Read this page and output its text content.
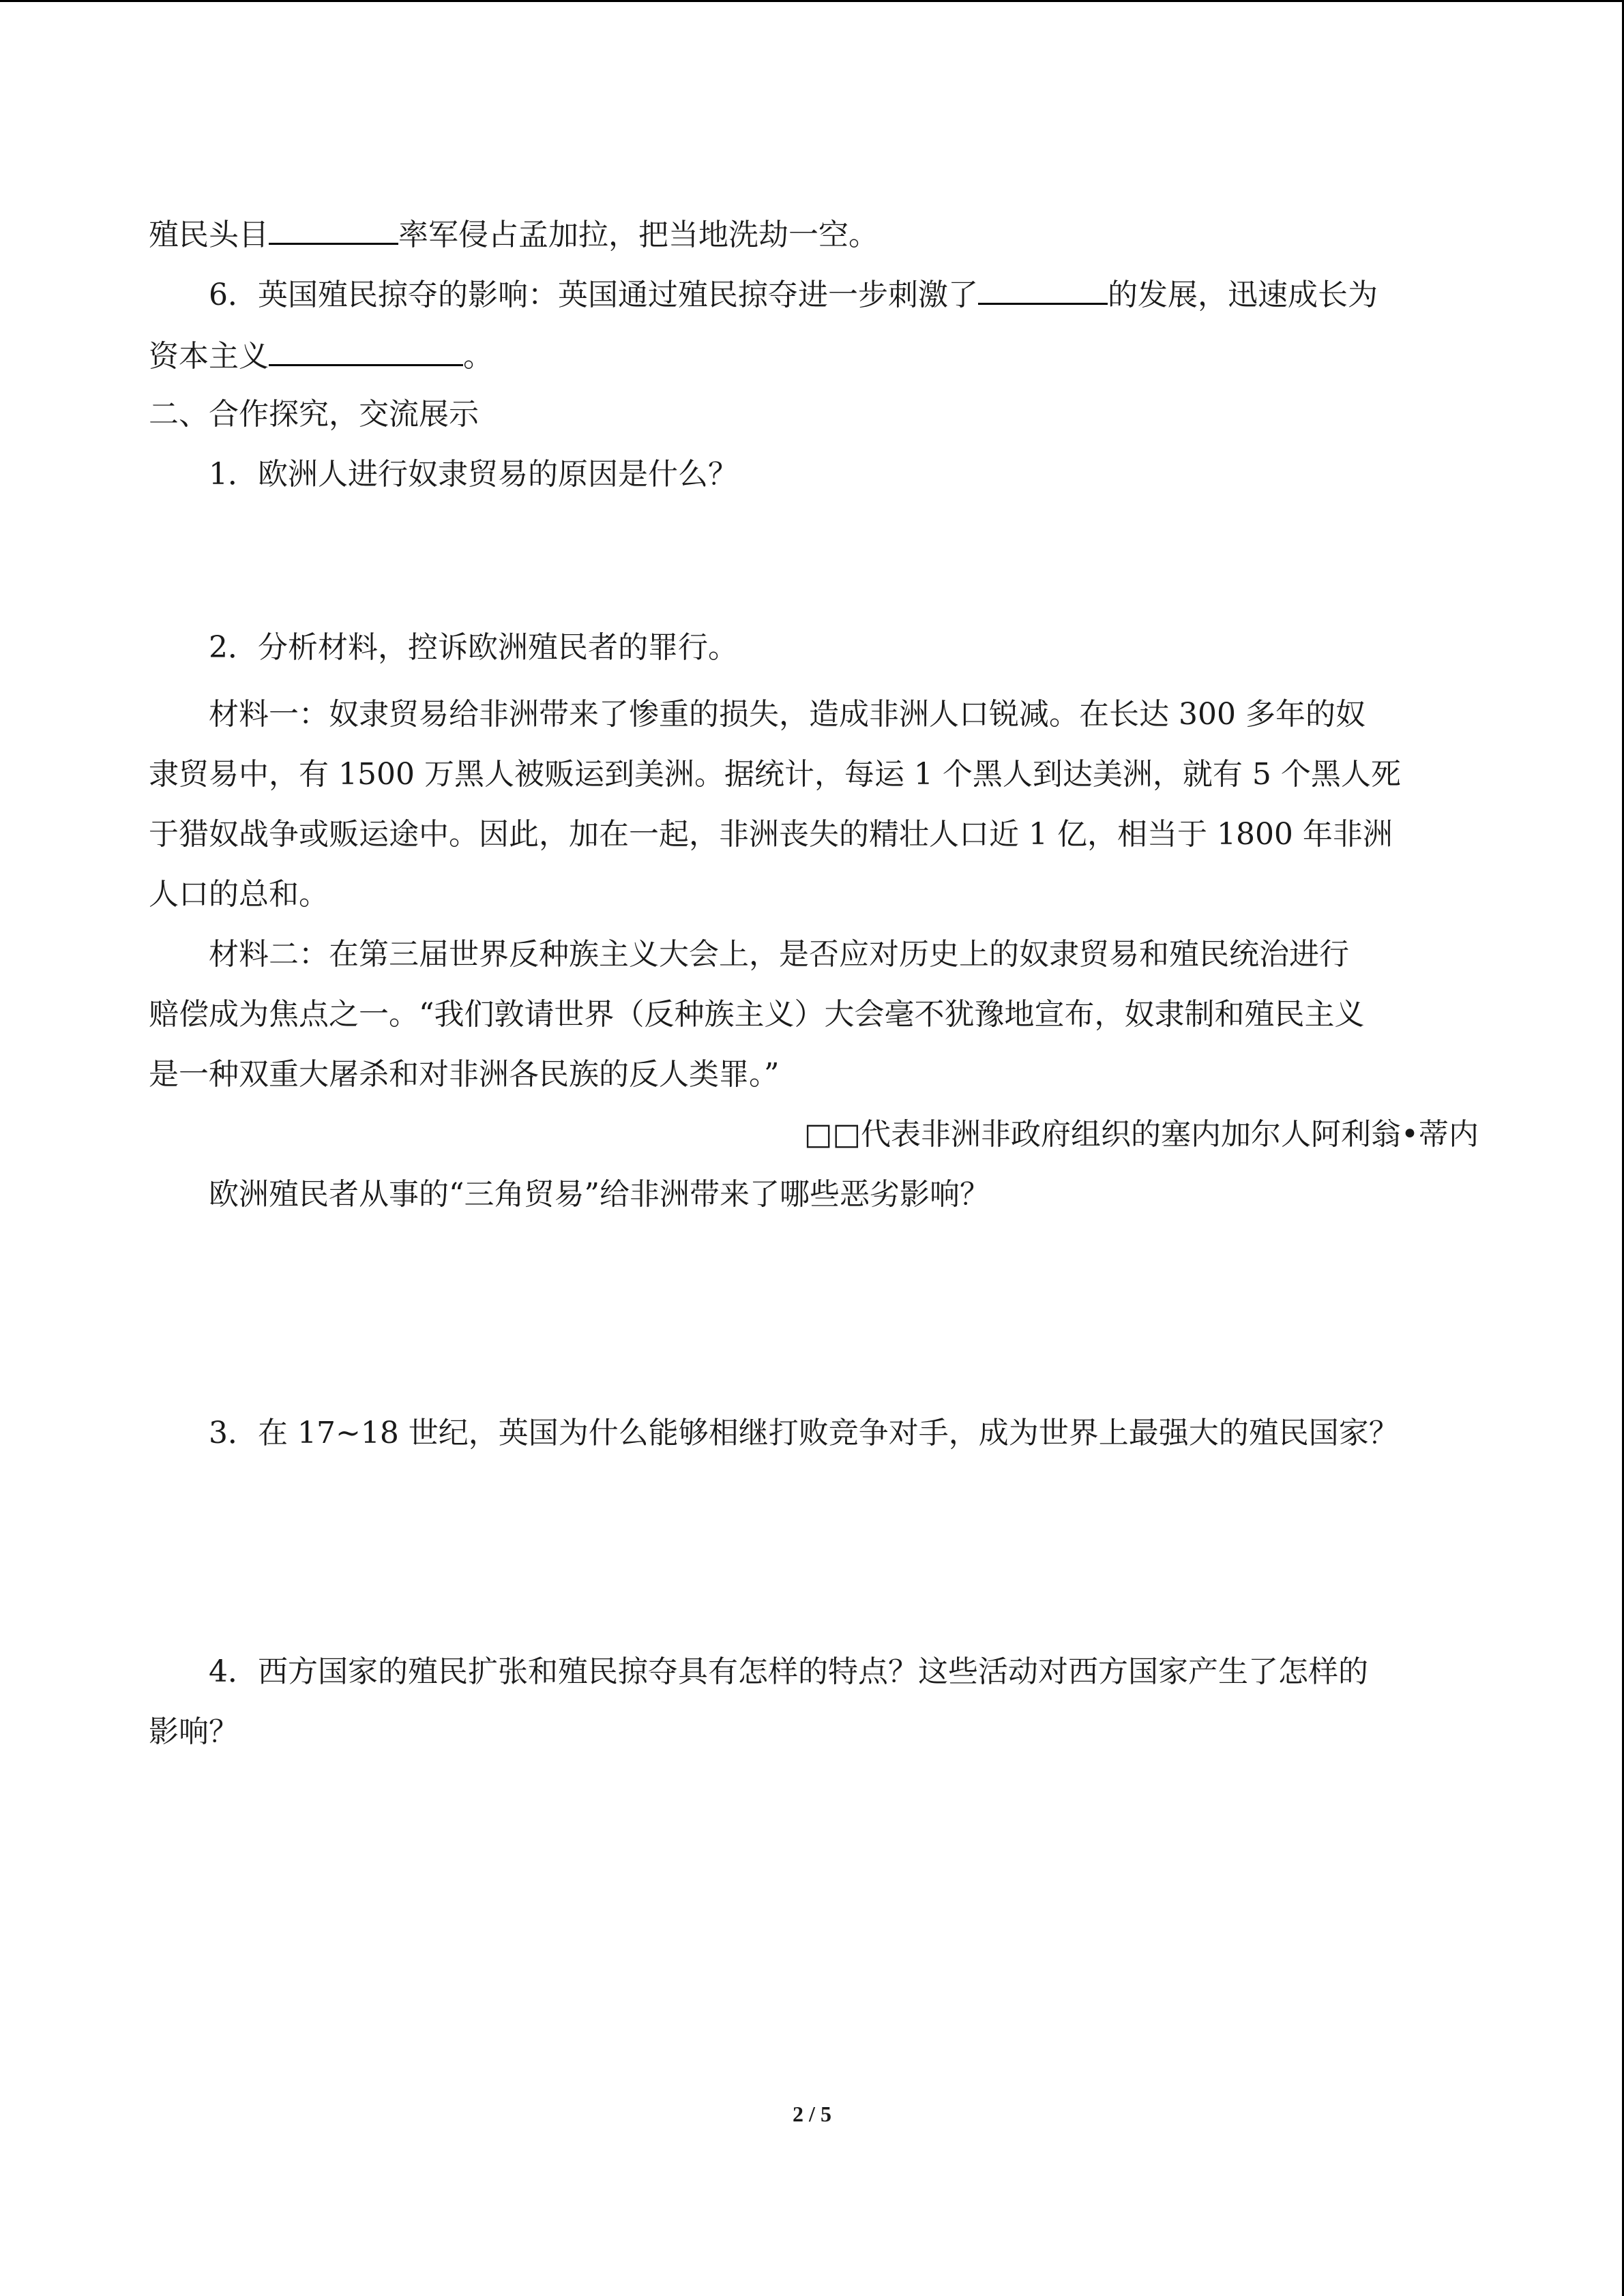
殖民头目	率军侵占孟加拉，把当地洗劫一空。
6．英国殖民掠夺的影响：英国通过殖民掠夺进一步刺激了	的发展，迅速成长为
资本主义	。
二、合作探究，交流展示
1．欧洲人进行奴隶贸易的原因是什么？
2．分析材料，控诉欧洲殖民者的罪行。
材料一：奴隶贸易给非洲带来了惨重的损失，造成非洲人口锐减。在长达 300 多年的奴
隶贸易中，有 1500 万黑人被贩运到美洲。据统计，每运 1 个黑人到达美洲，就有 5 个黑人死
于猎奴战争或贩运途中。因此，加在一起，非洲丧失的精壮人口近 1 亿，相当于 1800 年非洲
人口的总和。
材料二：在第三届世界反种族主义大会上，是否应对历史上的奴隶贸易和殖民统治进行
赔偿成为焦点之一。“我们敦请世界（反种族主义）大会毫不犹豫地宣布，奴隶制和殖民主义
是一种双重大屠杀和对非洲各民族的反人类罪。”
□□代表非洲非政府组织的塞内加尔人阿利翁•蒂内
欧洲殖民者从事的“三角贸易”给非洲带来了哪些恶劣影响？
3．在 17~18 世纪，英国为什么能够相继打败竞争对手，成为世界上最强大的殖民国家？
4．西方国家的殖民扩张和殖民掠夺具有怎样的特点？这些活动对西方国家产生了怎样的
影响？
2 / 5
